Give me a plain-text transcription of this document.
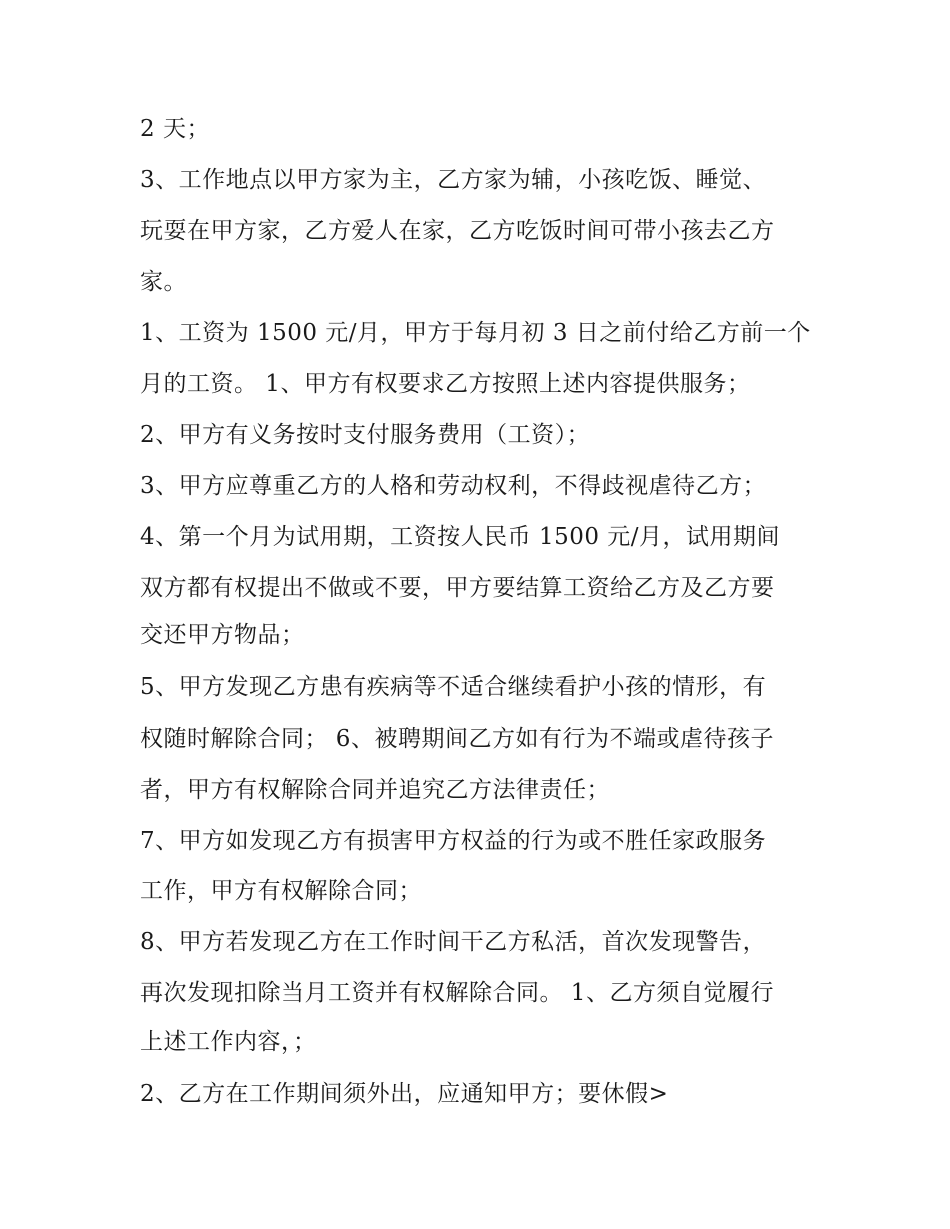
2 天；
3、工作地点以甲方家为主，乙方家为辅，小孩吃饭、睡觉、
玩耍在甲方家，乙方爱人在家，乙方吃饭时间可带小孩去乙方
家。
1、工资为 1500 元/月，甲方于每月初 3 日之前付给乙方前一个
月的工资。 1、甲方有权要求乙方按照上述内容提供服务；
2、甲方有义务按时支付服务费用（工资）；
3、甲方应尊重乙方的人格和劳动权利，不得歧视虐待乙方；
4、第一个月为试用期，工资按人民币 1500 元/月，试用期间
双方都有权提出不做或不要，甲方要结算工资给乙方及乙方要
交还甲方物品；
5、甲方发现乙方患有疾病等不适合继续看护小孩的情形，有
权随时解除合同； 6、被聘期间乙方如有行为不端或虐待孩子
者，甲方有权解除合同并追究乙方法律责任；
7、甲方如发现乙方有损害甲方权益的行为或不胜任家政服务
工作，甲方有权解除合同；
8、甲方若发现乙方在工作时间干乙方私活，首次发现警告，
再次发现扣除当月工资并有权解除合同。 1、乙方须自觉履行
上述工作内容，；
2、乙方在工作期间须外出，应通知甲方；要休假>
